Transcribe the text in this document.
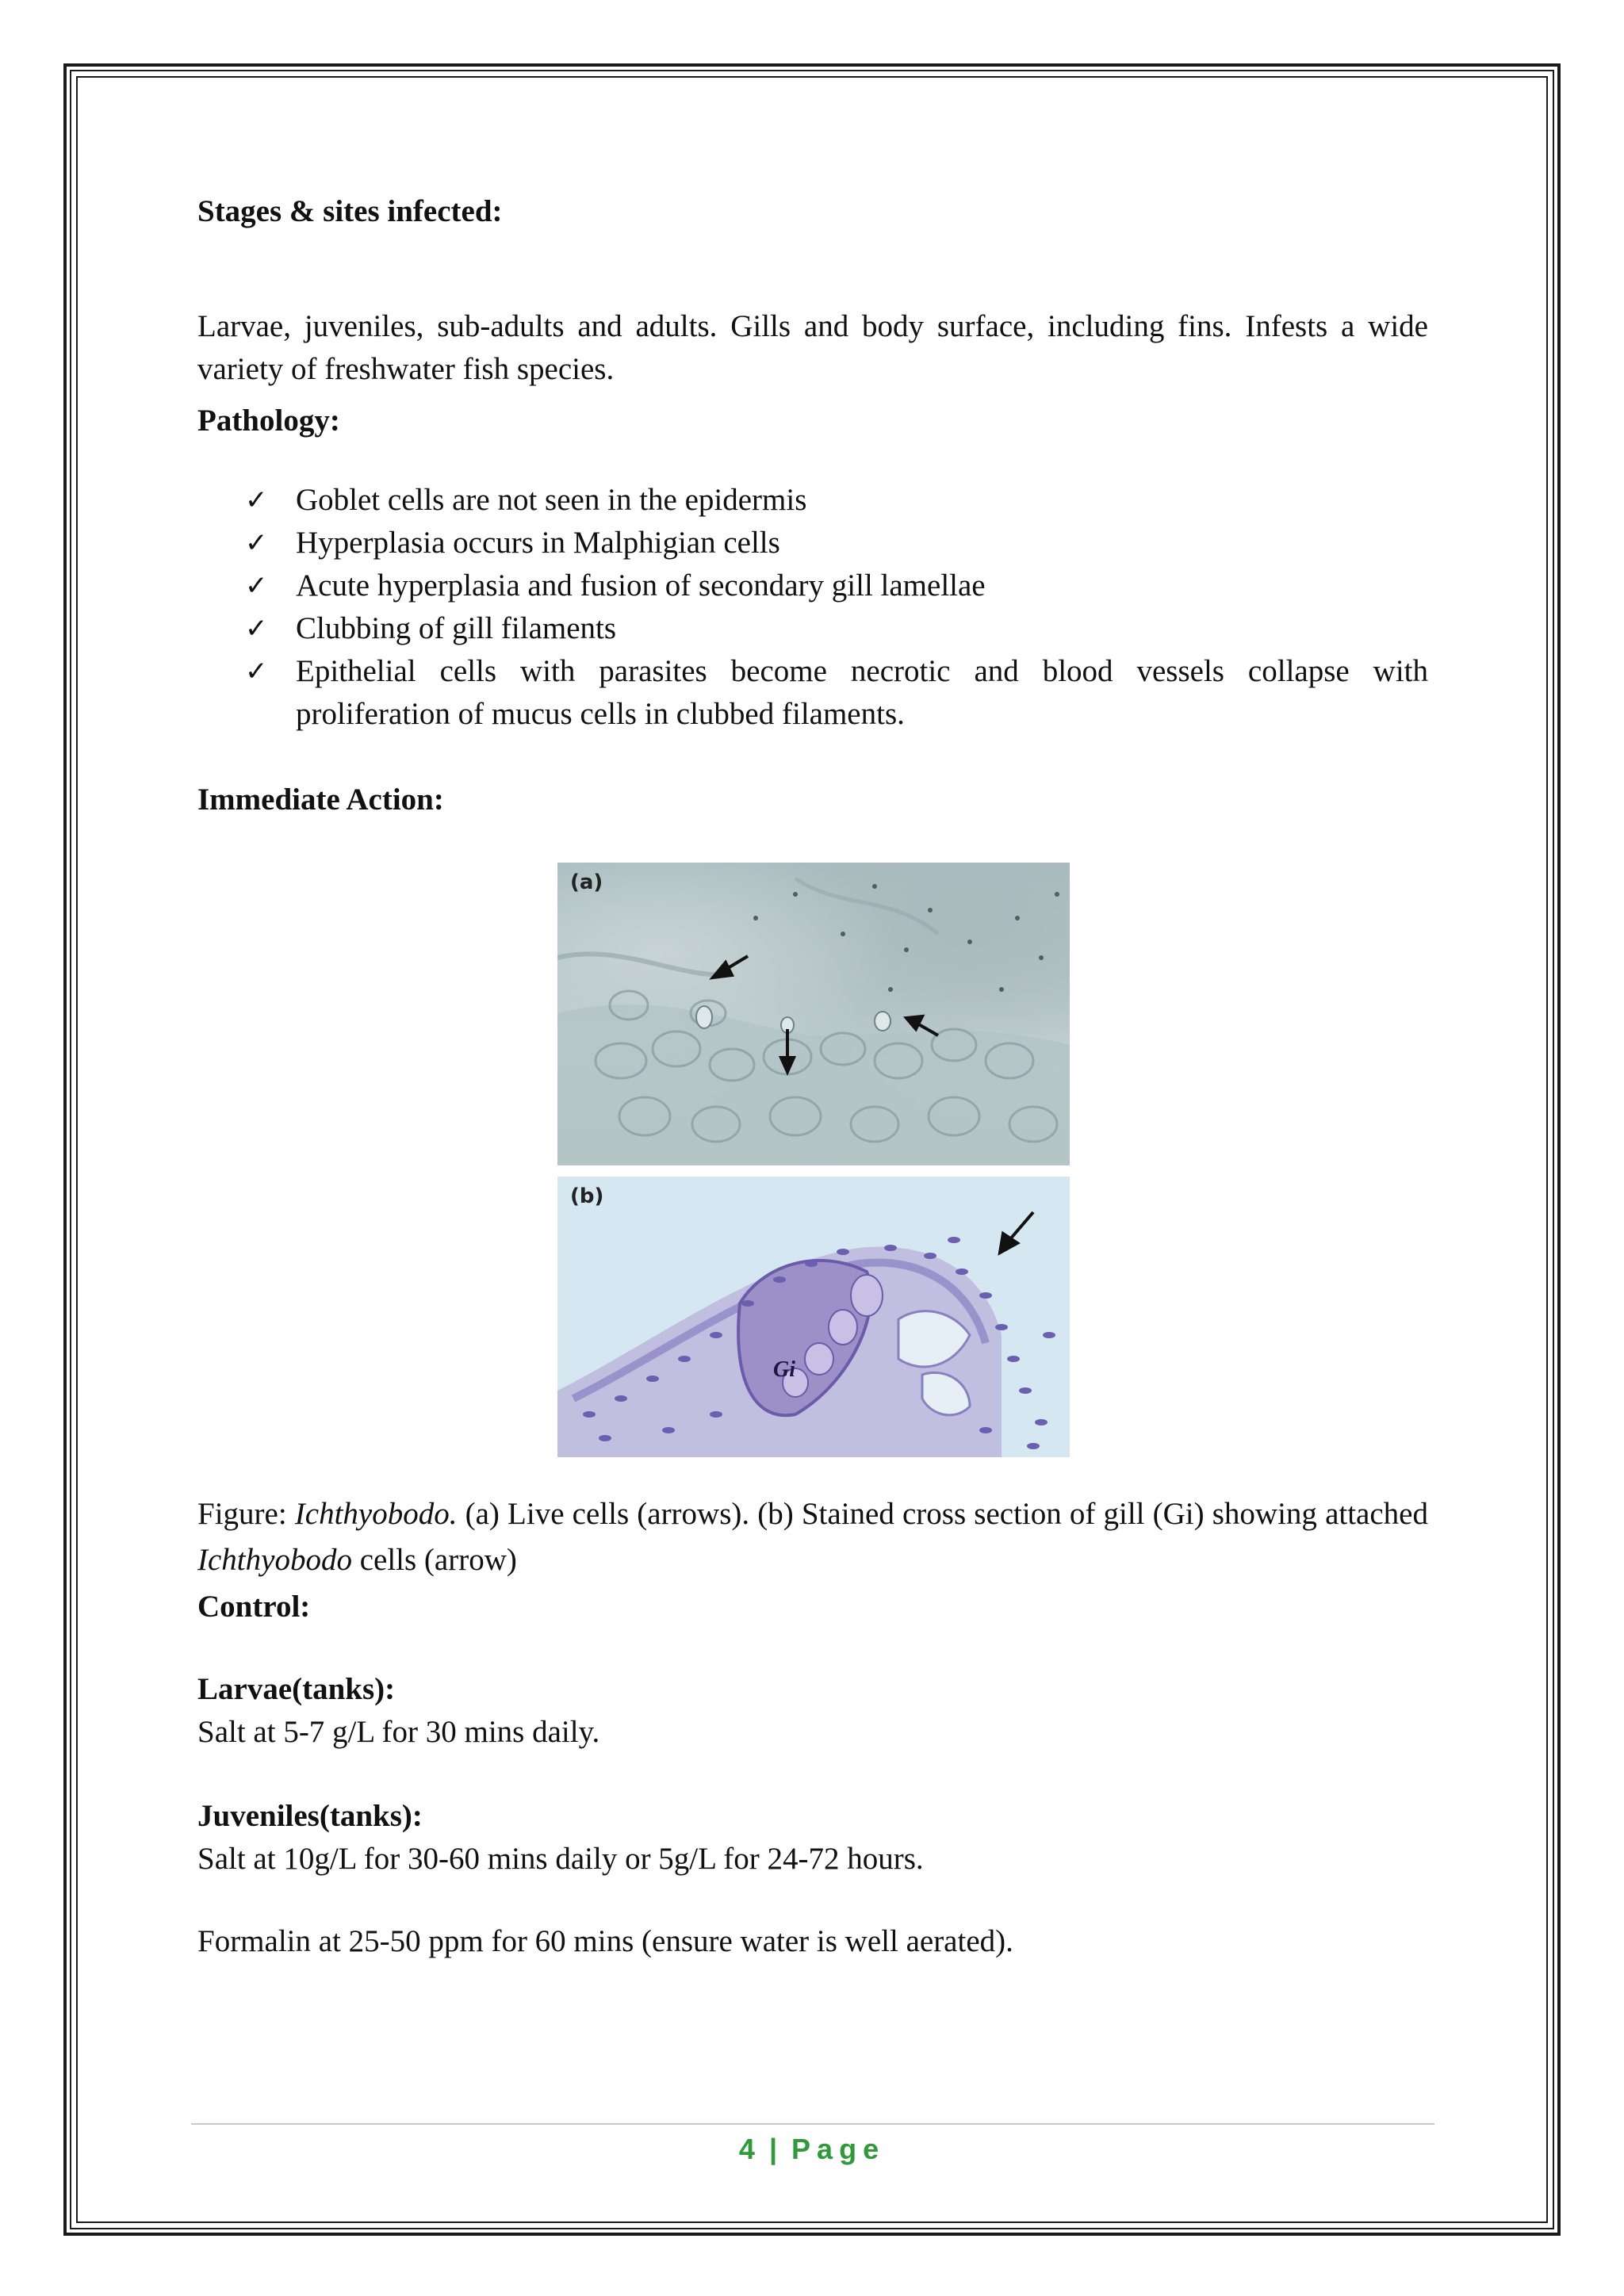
Stages & sites infected:

Larvae, juveniles, sub-adults and adults. Gills and body surface, including fins. Infests a wide variety of freshwater fish species.

Pathology:
✓ Goblet cells are not seen in the epidermis
✓ Hyperplasia occurs in Malphigian cells
✓ Acute hyperplasia and fusion of secondary gill lamellae
✓ Clubbing of gill filaments
✓ Epithelial cells with parasites become necrotic and blood vessels collapse with proliferation of mucus cells in clubbed filaments.
Immediate Action:
(a)
(b)
Gi

Figure: Ichthyobodo. (a) Live cells (arrows). (b) Stained cross section of gill (Gi) showing attached Ichthyobodo cells (arrow)

Control:
Larvae(tanks):
Salt at 5-7 g/L for 30 mins daily.
Juveniles(tanks):
Salt at 10g/L for 30-60 mins daily or 5g/L for 24-72 hours.
Formalin at 25-50 ppm for 60 mins (ensure water is well aerated).
4 | Page
